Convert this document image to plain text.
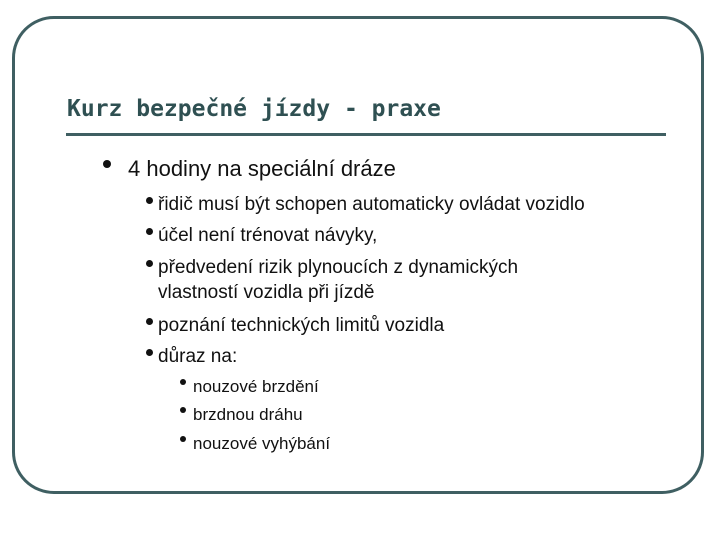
Kurz bezpečné jízdy - praxe
4 hodiny na speciální dráze
řidič musí být schopen automaticky ovládat vozidlo
účel není trénovat návyky,
předvedení rizik plynoucích z dynamických
vlastností vozidla při jízdě
poznání technických limitů vozidla
důraz na:
nouzové brzdění
brzdnou dráhu
nouzové vyhýbání
